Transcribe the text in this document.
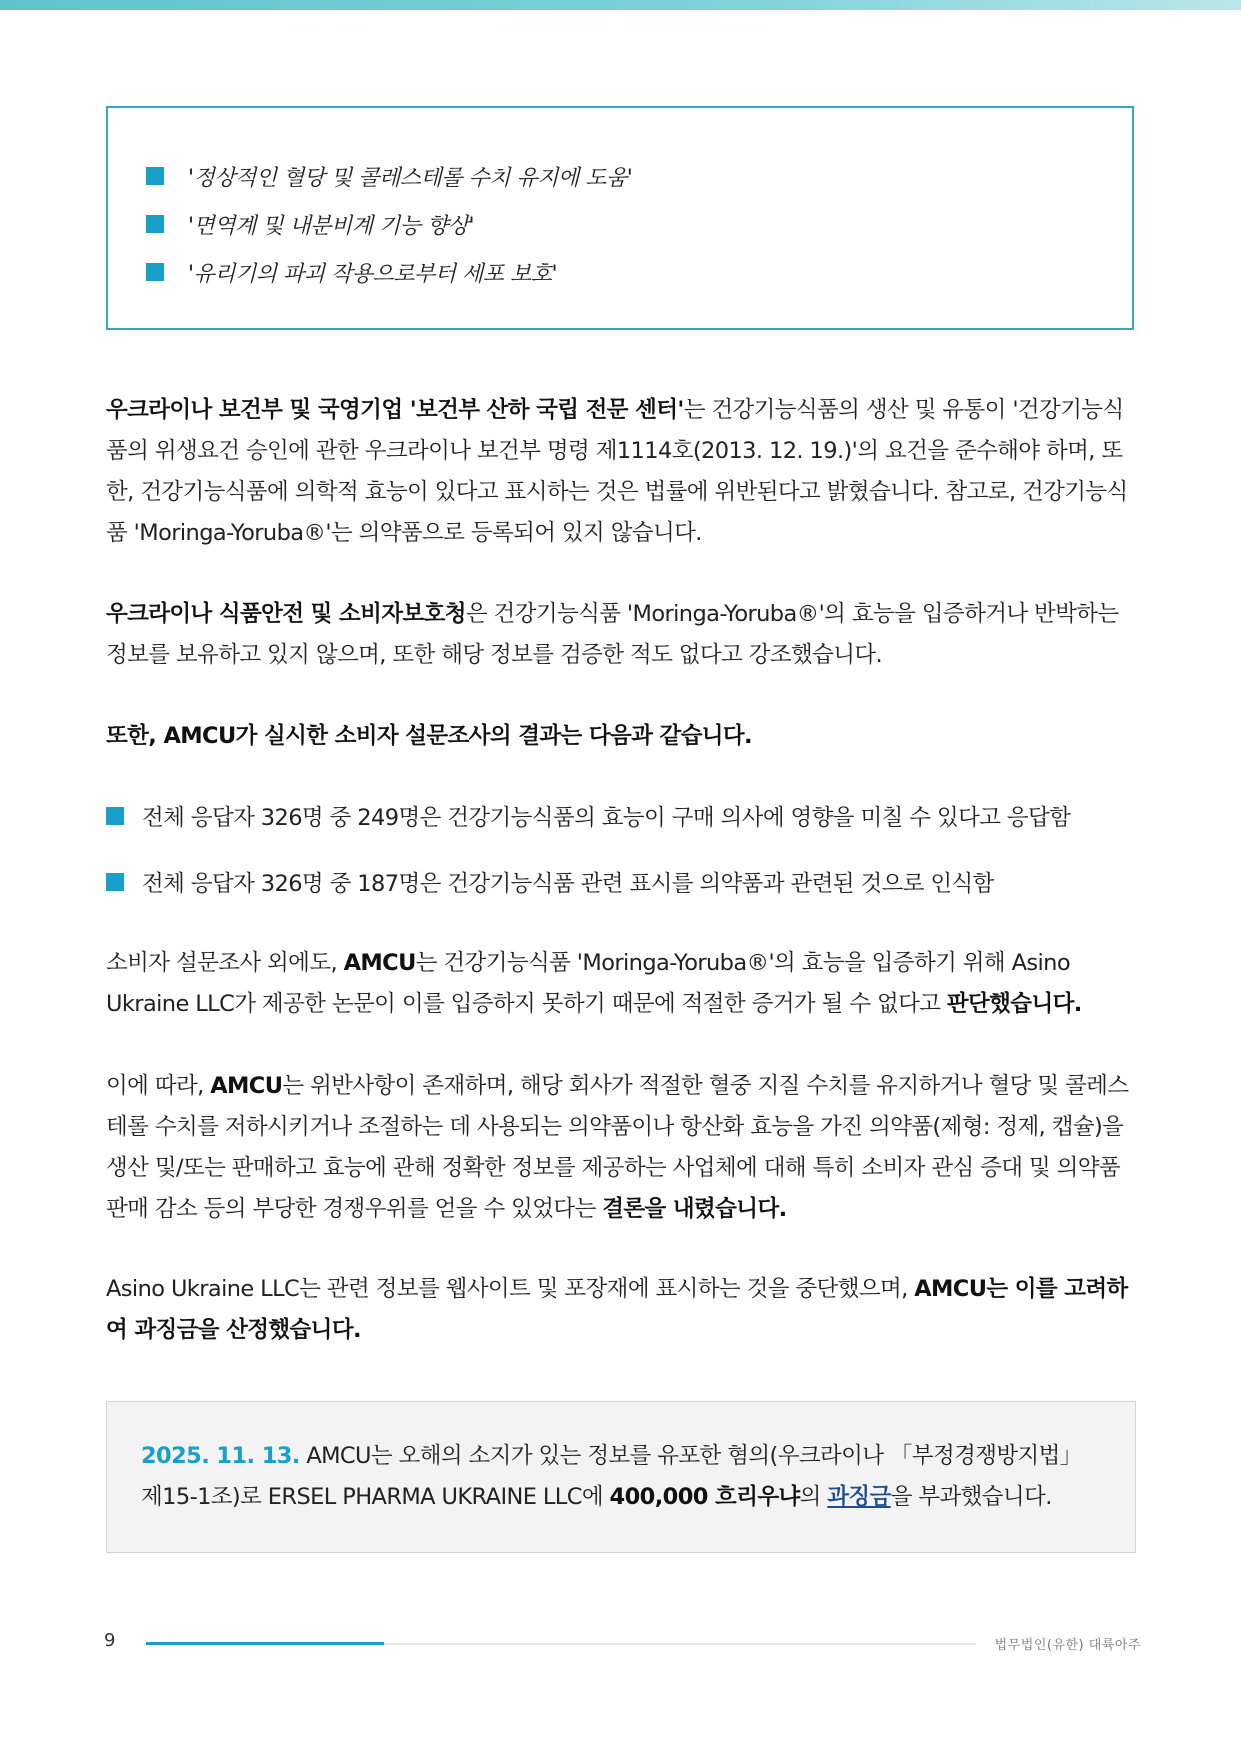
'정상적인 혈당 및 콜레스테롤 수치 유지에 도움'
'면역계 및 내분비계 기능 향상'
'유리기의 파괴 작용으로부터 세포 보호'

우크라이나 보건부 및 국영기업 '보건부 산하 국립 전문 센터'는 건강기능식품의 생산 및 유통이 '건강기능식품의 위생요건 승인에 관한 우크라이나 보건부 명령 제1114호(2013. 12. 19.)'의 요건을 준수해야 하며, 또한, 건강기능식품에 의학적 효능이 있다고 표시하는 것은 법률에 위반된다고 밝혔습니다. 참고로, 건강기능식품 'Moringa-Yoruba®'는 의약품으로 등록되어 있지 않습니다.

우크라이나 식품안전 및 소비자보호청은 건강기능식품 'Moringa-Yoruba®'의 효능을 입증하거나 반박하는 정보를 보유하고 있지 않으며, 또한 해당 정보를 검증한 적도 없다고 강조했습니다.

또한, AMCU가 실시한 소비자 설문조사의 결과는 다음과 같습니다.

전체 응답자 326명 중 249명은 건강기능식품의 효능이 구매 의사에 영향을 미칠 수 있다고 응답함
전체 응답자 326명 중 187명은 건강기능식품 관련 표시를 의약품과 관련된 것으로 인식함

소비자 설문조사 외에도, AMCU는 건강기능식품 'Moringa-Yoruba®'의 효능을 입증하기 위해 Asino Ukraine LLC가 제공한 논문이 이를 입증하지 못하기 때문에 적절한 증거가 될 수 없다고 판단했습니다.

이에 따라, AMCU는 위반사항이 존재하며, 해당 회사가 적절한 혈중 지질 수치를 유지하거나 혈당 및 콜레스테롤 수치를 저하시키거나 조절하는 데 사용되는 의약품이나 항산화 효능을 가진 의약품(제형: 정제, 캡슐)을 생산 및/또는 판매하고 효능에 관해 정확한 정보를 제공하는 사업체에 대해 특히 소비자 관심 증대 및 의약품 판매 감소 등의 부당한 경쟁우위를 얻을 수 있었다는 결론을 내렸습니다.

Asino Ukraine LLC는 관련 정보를 웹사이트 및 포장재에 표시하는 것을 중단했으며, AMCU는 이를 고려하여 과징금을 산정했습니다.

2025. 11. 13. AMCU는 오해의 소지가 있는 정보를 유포한 혐의(우크라이나 「부정경쟁방지법」 제15-1조)로 ERSEL PHARMA UKRAINE LLC에 400,000 흐리우냐의 과징금을 부과했습니다.
9	법무법인(유한) 대륙아주
